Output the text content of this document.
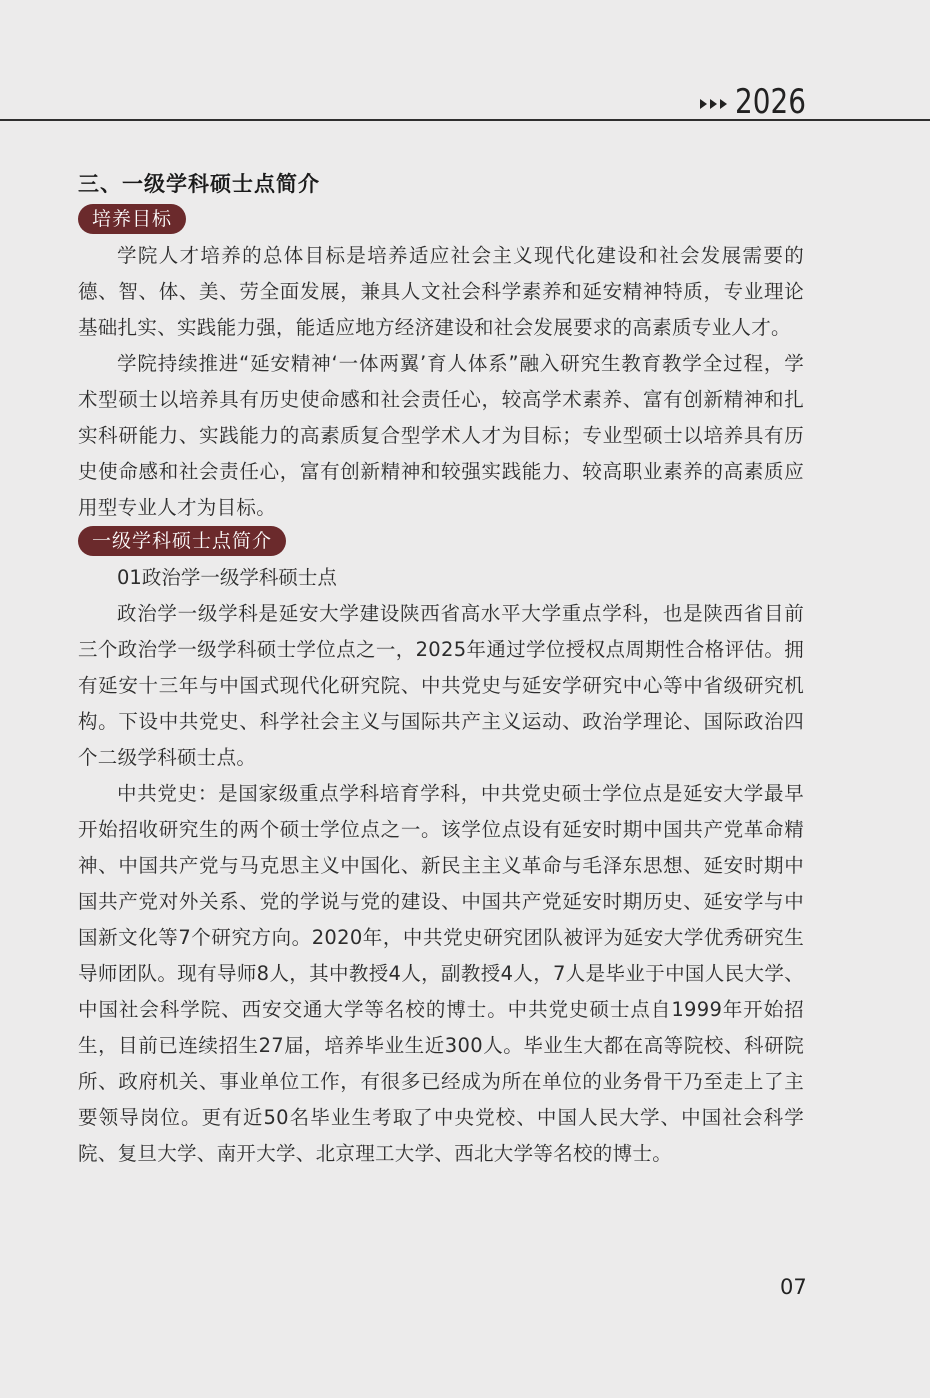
2026
三、一级学科硕士点简介
培养目标

学院人才培养的总体目标是培养适应社会主义现代化建设和社会发展需要的德、智、体、美、劳全面发展，兼具人文社会科学素养和延安精神特质，专业理论基础扎实、实践能力强，能适应地方经济建设和社会发展要求的高素质专业人才。

学院持续推进“延安精神‘一体两翼’育人体系”融入研究生教育教学全过程，学术型硕士以培养具有历史使命感和社会责任心，较高学术素养、富有创新精神和扎实科研能力、实践能力的高素质复合型学术人才为目标；专业型硕士以培养具有历史使命感和社会责任心，富有创新精神和较强实践能力、较高职业素养的高素质应用型专业人才为目标。

一级学科硕士点简介

01政治学一级学科硕士点

政治学一级学科是延安大学建设陕西省高水平大学重点学科，也是陕西省目前三个政治学一级学科硕士学位点之一，2025年通过学位授权点周期性合格评估。拥有延安十三年与中国式现代化研究院、中共党史与延安学研究中心等中省级研究机构。下设中共党史、科学社会主义与国际共产主义运动、政治学理论、国际政治四个二级学科硕士点。

中共党史：是国家级重点学科培育学科，中共党史硕士学位点是延安大学最早开始招收研究生的两个硕士学位点之一。该学位点设有延安时期中国共产党革命精神、中国共产党与马克思主义中国化、新民主主义革命与毛泽东思想、延安时期中国共产党对外关系、党的学说与党的建设、中国共产党延安时期历史、延安学与中国新文化等7个研究方向。2020年，中共党史研究团队被评为延安大学优秀研究生导师团队。现有导师8人，其中教授4人，副教授4人，7人是毕业于中国人民大学、中国社会科学院、西安交通大学等名校的博士。中共党史硕士点自1999年开始招生，目前已连续招生27届，培养毕业生近300人。毕业生大都在高等院校、科研院所、政府机关、事业单位工作，有很多已经成为所在单位的业务骨干乃至走上了主要领导岗位。更有近50名毕业生考取了中央党校、中国人民大学、中国社会科学院、复旦大学、南开大学、北京理工大学、西北大学等名校的博士。

07
